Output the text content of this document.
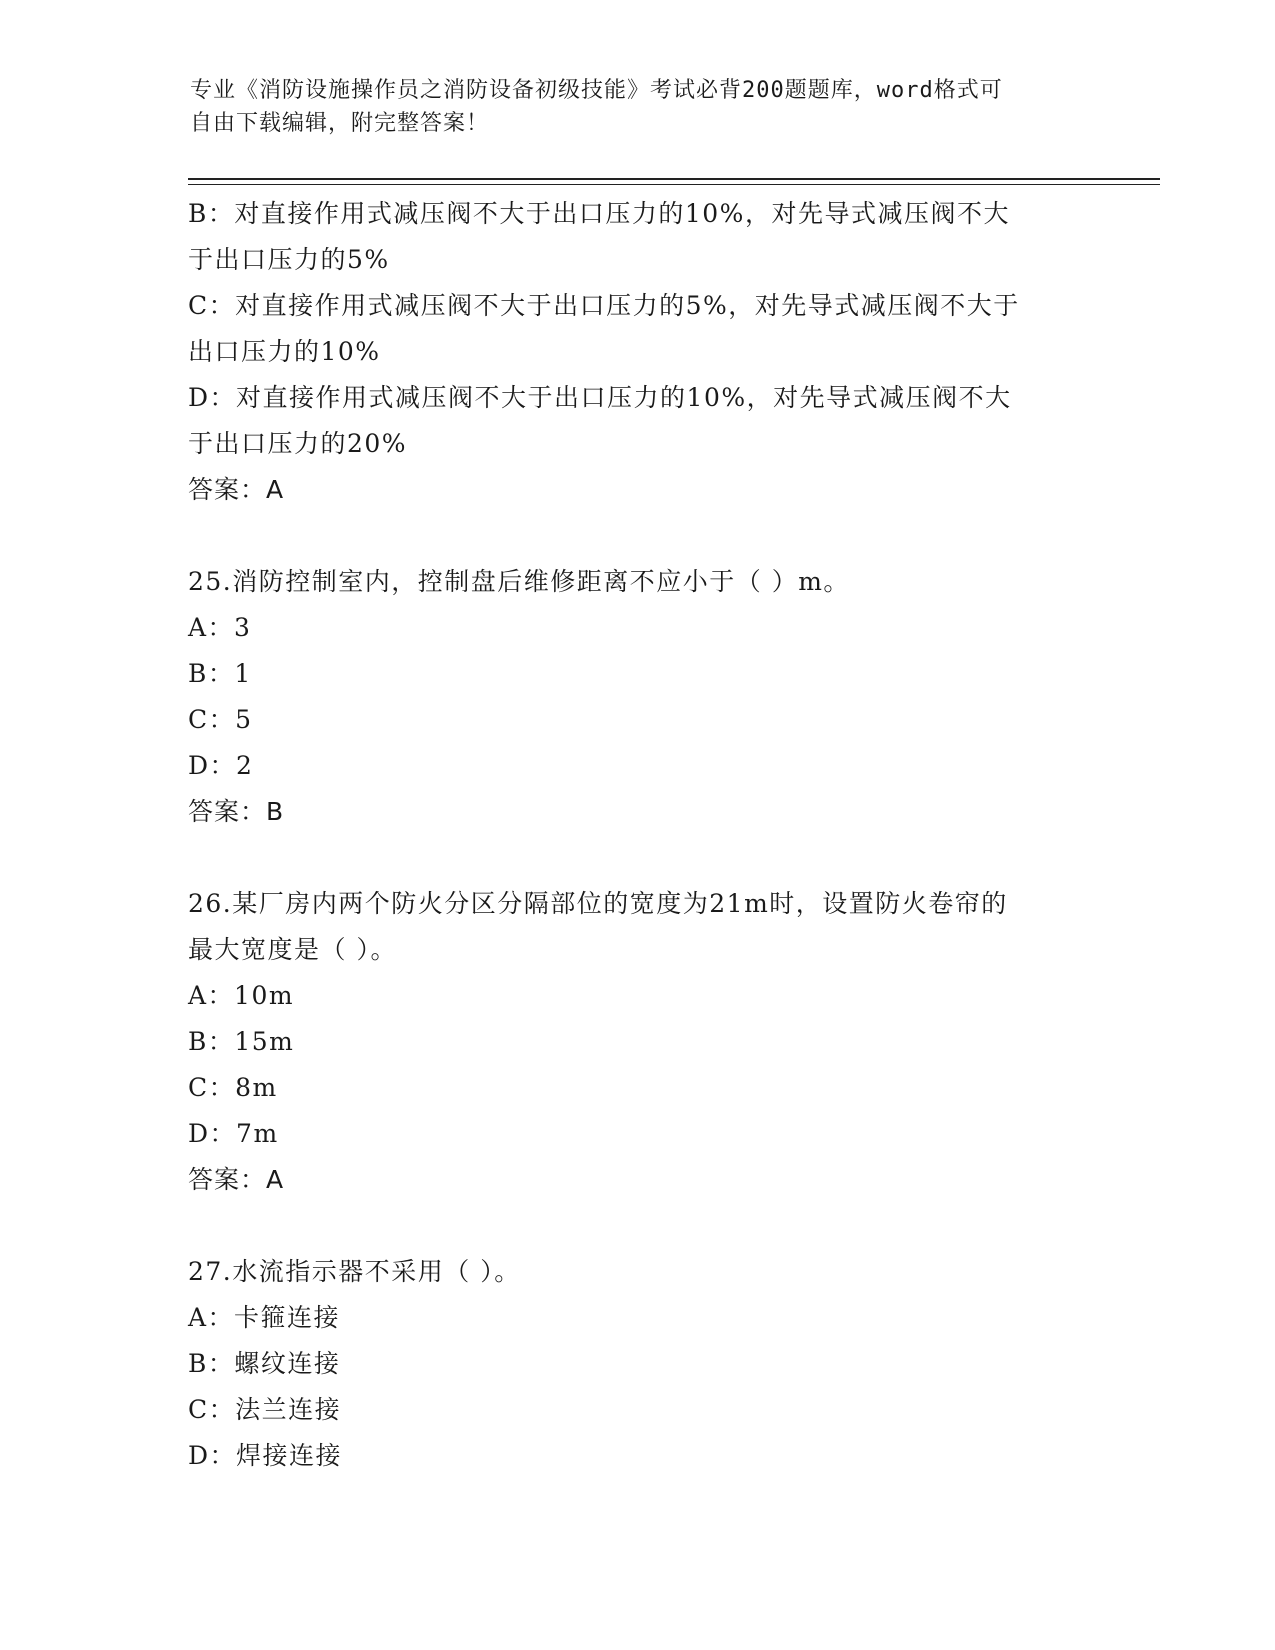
专业《消防设施操作员之消防设备初级技能》考试必背200题题库，word格式可
自由下载编辑，附完整答案！

B：对直接作用式减压阀不大于出口压力的10%，对先导式减压阀不大

于出口压力的5%

C：对直接作用式减压阀不大于出口压力的5%，对先导式减压阀不大于

出口压力的10%

D：对直接作用式减压阀不大于出口压力的10%，对先导式减压阀不大

于出口压力的20%

答案：A

25.消防控制室内，控制盘后维修距离不应小于（ ）m。

A：3

B：1

C：5

D：2

答案：B

26.某厂房内两个防火分区分隔部位的宽度为21m时，设置防火卷帘的

最大宽度是（ ）。

A：10m

B：15m

C：8m

D：7m

答案：A

27.水流指示器不采用（ ）。

A：卡箍连接

B：螺纹连接

C：法兰连接

D：焊接连接
